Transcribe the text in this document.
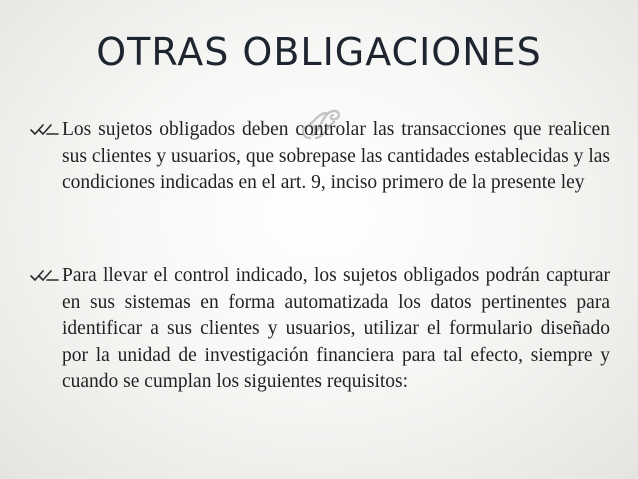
OTRAS OBLIGACIONES
Los sujetos obligados deben controlar las transacciones que realicen sus clientes y usuarios, que sobrepase las cantidades establecidas y las condiciones indicadas en el art. 9, inciso primero de la presente ley
Para llevar el control indicado, los sujetos obligados podrán capturar en sus sistemas en forma automatizada los datos pertinentes para identificar a sus clientes y usuarios, utilizar el formulario diseñado por la unidad de investigación financiera para tal efecto, siempre y cuando se cumplan los siguientes requisitos:
